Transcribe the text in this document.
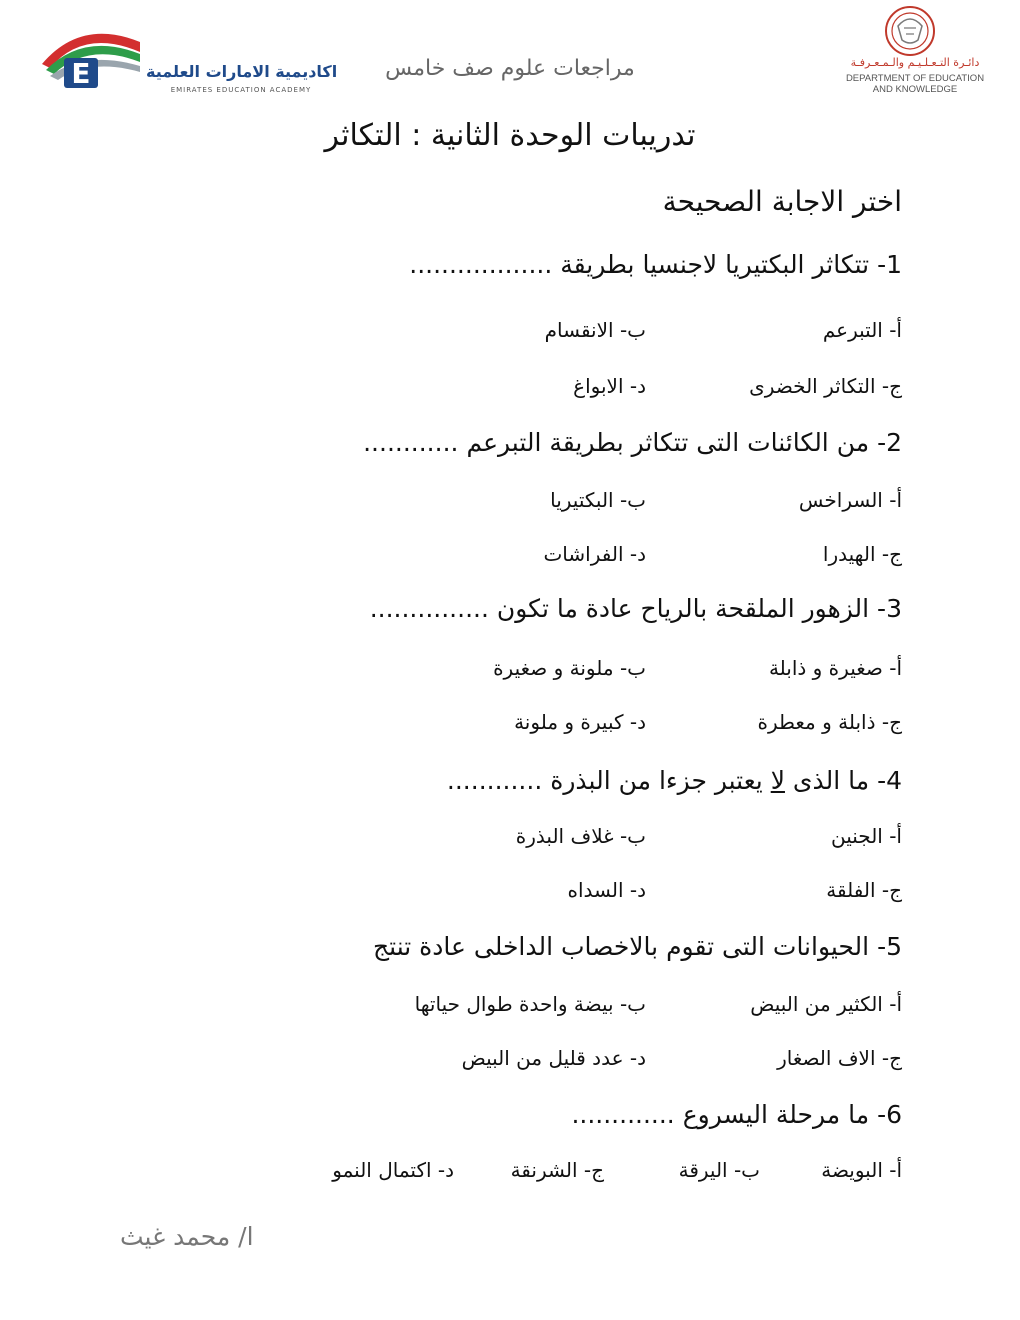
E	اكاديمية الامارات العلمية
EMIRATES EDUCATION ACADEMY
مراجعات علوم صف خامس	دائـرة التـعـلـيـم والـمـعـرفـة
DEPARTMENT OF EDUCATION
AND KNOWLEDGE
تدريبات الوحدة الثانية : التكاثر
اختر الاجابة الصحيحة
1- تتكاثر البكتيريا لاجنسيا بطريقة ..................
أ- التبرعم
ب- الانقسام
ج- التكاثر الخضرى
د- الابواغ
2- من الكائنات التى تتكاثر بطريقة التبرعم ............
أ- السراخس
ب- البكتيريا
ج- الهيدرا
د- الفراشات
3- الزهور الملقحة بالرياح عادة ما تكون ...............
أ- صغيرة و ذابلة
ب- ملونة و صغيرة
ج- ذابلة و معطرة
د- كبيرة و ملونة
4- ما الذى لا يعتبر جزءا من البذرة ............
أ- الجنين
ب- غلاف البذرة
ج- الفلقة
د- السداه
5- الحيوانات التى تقوم بالاخصاب الداخلى عادة تنتج
أ- الكثير من البيض
ب- بيضة واحدة طوال حياتها
ج- الاف الصغار
د- عدد قليل من البيض
6- ما مرحلة اليسروع .............
أ- البويضة
ب- اليرقة
ج- الشرنقة
د- اكتمال النمو
ا/ محمد غيث
